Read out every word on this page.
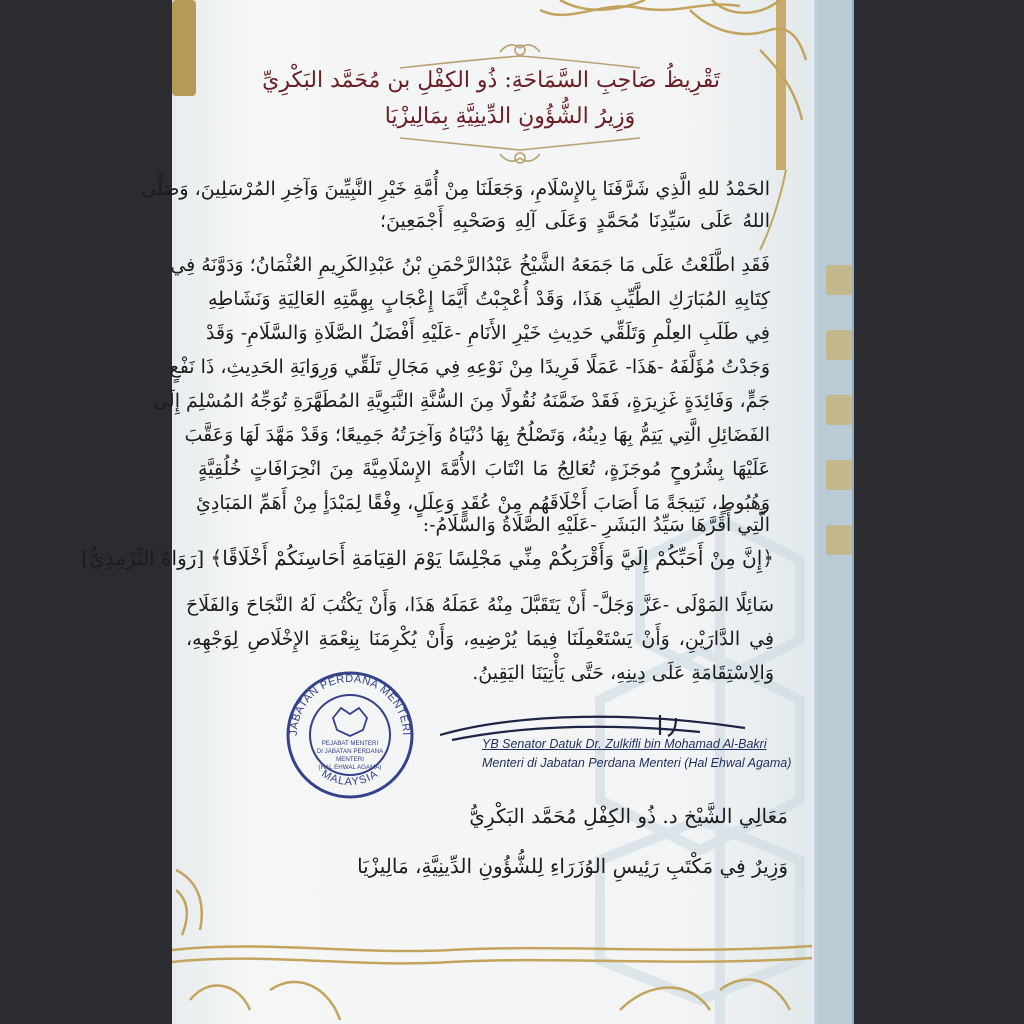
تَقْرِيظُ صَاحِبِ السَّمَاحَةِ: ذُو الكِفْلِ بن مُحَمَّد البَكْرِيِّ
وَزِيرُ الشُّؤُونِ الدِّينِيَّةِ بِمَالِيزْيَا
الحَمْدُ للهِ الَّذِي شَرَّفَنَا بِالإِسْلَامِ، وَجَعَلَنَا مِنْ أُمَّةِ خَيْرِ النَّبِيِّينَ وَآخِرِ المُرْسَلِينَ، وَصَلَّى
اللهُ عَلَى سَيِّدِنَا مُحَمَّدٍ وَعَلَى آلِهِ وَصَحْبِهِ أَجْمَعِينَ؛
فَقَدِ اطَّلَعْتُ عَلَى مَا جَمَعَهُ الشَّيْخُ عَبْدُالرَّحْمَنِ بْنُ عَبْدِالكَرِيمِ العُثْمَانُ؛ وَدَوَّنَهُ فِي
كِتَابِهِ المُبَارَكِ الطَّيِّبِ هَذَا، وَقَدْ أُعْجِبْتُ أَيَّمَا إِعْجَابٍ بِهِمَّتِهِ العَالِيَةِ وَنَشَاطِهِ
فِي طَلَبِ العِلْمِ وَتَلَقِّي حَدِيثِ خَيْرِ الأَنَامِ -عَلَيْهِ أَفْضَلُ الصَّلَاةِ وَالسَّلَامِ- وَقَدْ
وَجَدْتُ مُؤَلَّفَهُ -هَذَا- عَمَلًا فَرِيدًا مِنْ نَوْعِهِ فِي مَجَالِ تَلَقِّي وَرِوَايَةِ الحَدِيثِ، ذَا نَفْعٍ
جَمٍّ، وَفَائِدَةٍ غَزِيرَةٍ، فَقَدْ ضَمَّنَهُ نُقُولًا مِنَ السُّنَّةِ النَّبَوِيَّةِ المُطَهَّرَةِ تُوَجِّهُ المُسْلِمَ إِلَى
الفَضَائِلِ الَّتِي يَتِمُّ بِهَا دِينُهُ، وَتَصْلُحُ بِهَا دُنْيَاهُ وَآخِرَتُهُ جَمِيعًا؛ وَقَدْ مَهَّدَ لَهَا وَعَقَّبَ
عَلَيْهَا بِشُرُوحٍ مُوجَزَةٍ، تُعَالِجُ مَا انْتَابَ الأُمَّةَ الإِسْلَامِيَّةَ مِنَ انْحِرَافَاتٍ خُلُقِيَّةٍ
وَهُبُوطٍ، نَتِيجَةً مَا أَصَابَ أَخْلَاقَهُم مِنْ عُقَدٍ وَعِلَلٍ، وِفْقًا لِمَبْدَأٍ مِنْ أَهَمِّ المَبَادِئِ
الَّتِي أَقَرَّهَا سَيِّدُ البَشَرِ -عَلَيْهِ الصَّلَاةُ وَالسَّلَامُ-:
﴿إِنَّ مِنْ أَحَبِّكُمْ إِلَيَّ وَأَقْرَبِكُمْ مِنِّي مَجْلِسًا يَوْمَ القِيَامَةِ أَحَاسِنَكُمْ أَخْلَاقًا﴾ [رَوَاهُ التِّرْمِذِيُّ]
سَائِلًا المَوْلَى -عَزَّ وَجَلَّ- أَنْ يَتَقَبَّلَ مِنْهُ عَمَلَهُ هَذَا، وَأَنْ يَكْتُبَ لَهُ النَّجَاحَ وَالفَلَاحَ
فِي الدَّارَيْنِ، وَأَنْ يَسْتَعْمِلَنَا فِيمَا يُرْضِيهِ، وَأَنْ يُكْرِمَنَا بِنِعْمَةِ الإِخْلَاصِ لِوَجْهِهِ،
وَالِاسْتِقَامَةِ عَلَى دِينِهِ، حَتَّى يَأْتِيَنَا اليَقِينُ.
JABATAN PERDANA MENTERI
MALAYSIA
PEJABAT MENTERI
DI JABATAN PERDANA
MENTERI
(HAL EHWAL AGAMA)
YB Senator Datuk Dr. Zulkifli bin Mohamad Al-Bakri
Menteri di Jabatan Perdana Menteri (Hal Ehwal Agama)
مَعَالِي الشَّيْخ د. ذُو الكِفْلِ مُحَمَّد البَكْرِيُّ
وَزِيرٌ فِي مَكْتَبِ رَئِيسِ الوُزَرَاءِ لِلشُّؤُونِ الدِّينِيَّةِ، مَالِيزْيَا
